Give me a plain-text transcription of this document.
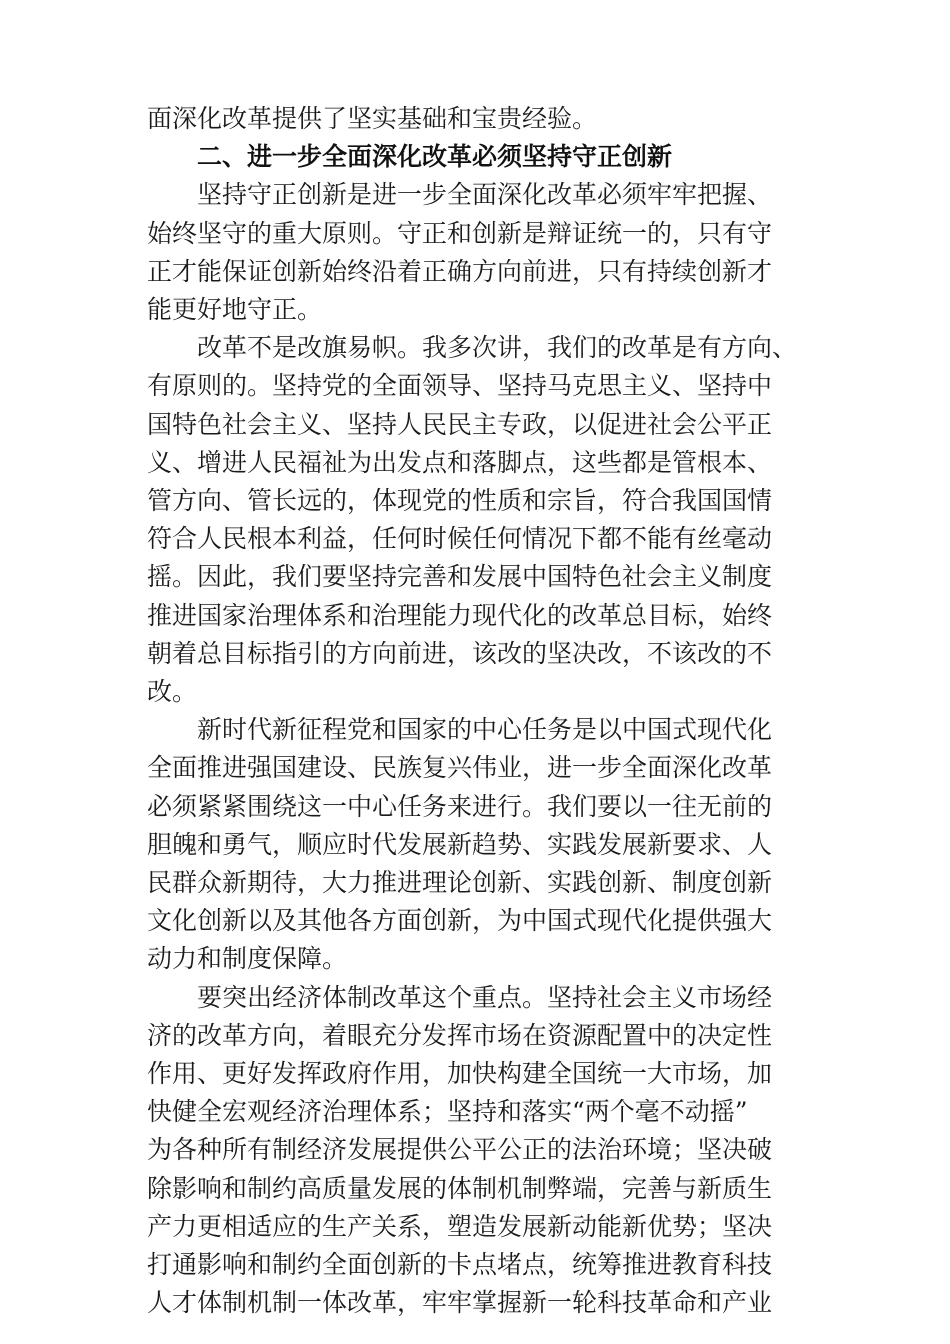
面深化改革提供了坚实基础和宝贵经验。
二、进一步全面深化改革必须坚持守正创新
坚持守正创新是进一步全面深化改革必须牢牢把握、
始终坚守的重大原则。守正和创新是辩证统一的，只有守
正才能保证创新始终沿着正确方向前进，只有持续创新才
能更好地守正。
改革不是改旗易帜。我多次讲，我们的改革是有方向、
有原则的。坚持党的全面领导、坚持马克思主义、坚持中
国特色社会主义、坚持人民民主专政，以促进社会公平正
义、增进人民福祉为出发点和落脚点，这些都是管根本、
管方向、管长远的，体现党的性质和宗旨，符合我国国情
符合人民根本利益，任何时候任何情况下都不能有丝毫动
摇。因此，我们要坚持完善和发展中国特色社会主义制度
推进国家治理体系和治理能力现代化的改革总目标，始终
朝着总目标指引的方向前进，该改的坚决改，不该改的不
改。
新时代新征程党和国家的中心任务是以中国式现代化
全面推进强国建设、民族复兴伟业，进一步全面深化改革
必须紧紧围绕这一中心任务来进行。我们要以一往无前的
胆魄和勇气，顺应时代发展新趋势、实践发展新要求、人
民群众新期待，大力推进理论创新、实践创新、制度创新
文化创新以及其他各方面创新，为中国式现代化提供强大
动力和制度保障。
要突出经济体制改革这个重点。坚持社会主义市场经
济的改革方向，着眼充分发挥市场在资源配置中的决定性
作用、更好发挥政府作用，加快构建全国统一大市场，加
快健全宏观经济治理体系；坚持和落实“两个毫不动摇”
为各种所有制经济发展提供公平公正的法治环境；坚决破
除影响和制约高质量发展的体制机制弊端，完善与新质生
产力更相适应的生产关系，塑造发展新动能新优势；坚决
打通影响和制约全面创新的卡点堵点，统筹推进教育科技
人才体制机制一体改革，牢牢掌握新一轮科技革命和产业
